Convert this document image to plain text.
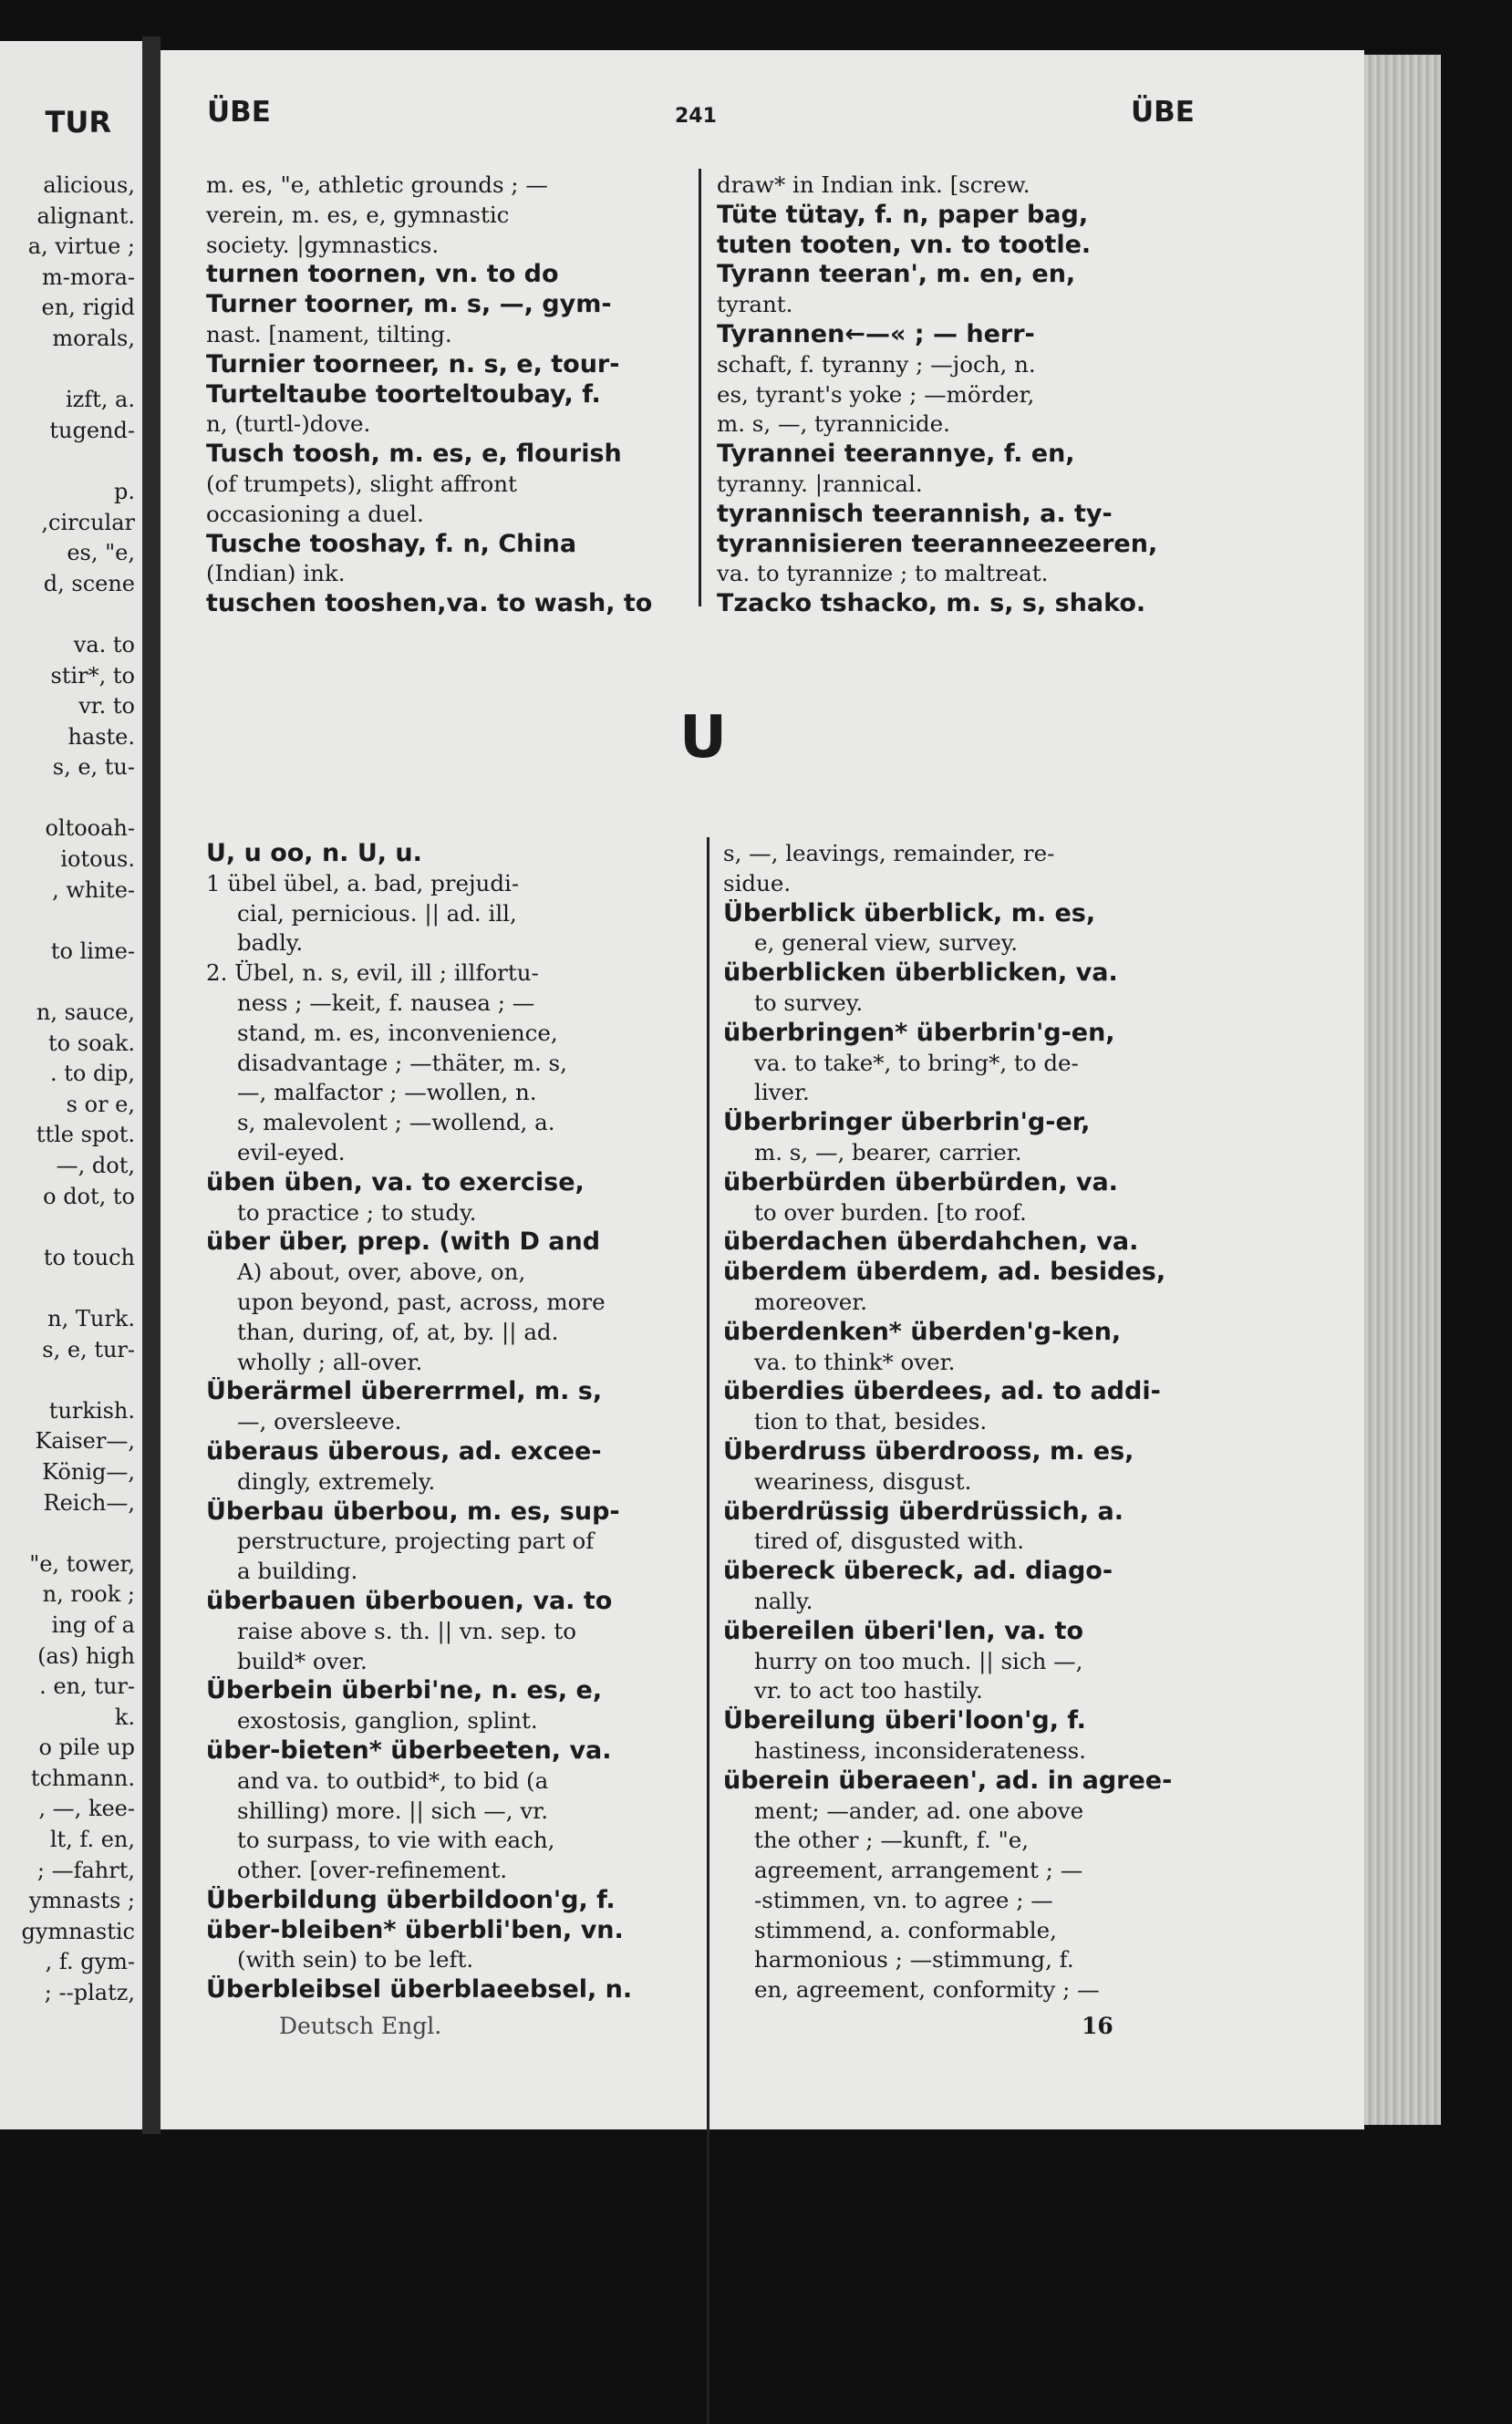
TUR
alicious,
alignant.
a, virtue ;
m-mora-
en, rigid
morals,

izft, a.
tugend-

p.
,circular
es, "e,
d, scene

va. to
stir*, to
vr. to
haste.
s, e, tu-

oltooah-
iotous.
, white-

to lime-

n, sauce,
to soak.
. to dip,
s or e,
ttle spot.
—, dot,
o dot, to

to touch

n, Turk.
s, e, tur-

turkish.
Kaiser—,
König—,
Reich—,

"e, tower,
n, rook ;
ing of a
(as) high
. en, tur-
k.
o pile up
tchmann.
, —, kee-
lt, f. en,
; —fahrt,
ymnasts ;
gymnastic
, f. gym-
; --platz,
ÜBE	241	ÜBE
m. es, "e, athletic grounds ; —
verein, m. es, e, gymnastic
society. |gymnastics.
turnen toornen, vn. to do
Turner toorner, m. s, —, gym-
nast. [nament, tilting.
Turnier toorneer, n. s, e, tour-
Turteltaube toorteltoubay, f.
n, (turtl-)dove.
Tusch toosh, m. es, e, flourish
(of trumpets), slight affront
occasioning a duel.
Tusche tooshay, f. n, China
(Indian) ink.
tuschen tooshen,va. to wash, to
draw* in Indian ink. [screw.
Tüte tütay, f. n, paper bag,
tuten tooten, vn. to tootle.
Tyrann teeran', m. en, en,
tyrant.
Tyrannen←—« ; — herr-
schaft, f. tyranny ; —joch, n.
es, tyrant's yoke ; —mörder,
m. s, —, tyrannicide.
Tyrannei teerannye, f. en,
tyranny. |rannical.
tyrannisch teerannish, a. ty-
tyrannisieren teeranneezeeren,
va. to tyrannize ; to maltreat.
Tzacko tshacko, m. s, s, shako.
U
U, u oo, n. U, u.
1 übel übel, a. bad, prejudi-
cial, pernicious. || ad. ill,
badly.
2. Übel, n. s, evil, ill ; illfortu-
ness ; —keit, f. nausea ; —
stand, m. es, inconvenience,
disadvantage ; —thäter, m. s,
—, malfactor ; —wollen, n.
s, malevolent ; —wollend, a.
evil-eyed.
üben üben, va. to exercise,
to practice ; to study.
über über, prep. (with D and
A) about, over, above, on,
upon beyond, past, across, more
than, during, of, at, by. || ad.
wholly ; all-over.
Überärmel übererrmel, m. s,
—, oversleeve.
überaus überous, ad. excee-
dingly, extremely.
Überbau überbou, m. es, sup-
perstructure, projecting part of
a building.
überbauen überbouen, va. to
raise above s. th. || vn. sep. to
build* over.
Überbein überbi'ne, n. es, e,
exostosis, ganglion, splint.
über-bieten* überbeeten, va.
and va. to outbid*, to bid (a
shilling) more. || sich —, vr.
to surpass, to vie with each,
other. [over-refinement.
Überbildung überbildoon'g, f.
über-bleiben* überbli'ben, vn.
(with sein) to be left.
Überbleibsel überblaeebsel, n.
s, —, leavings, remainder, re-
sidue.
Überblick überblick, m. es,
e, general view, survey.
überblicken überblicken, va.
to survey.
überbringen* überbrin'g-en,
va. to take*, to bring*, to de-
liver.
Überbringer überbrin'g-er,
m. s, —, bearer, carrier.
überbürden überbürden, va.
to over burden. [to roof.
überdachen überdahchen, va.
überdem überdem, ad. besides,
moreover.
überdenken* überden'g-ken,
va. to think* over.
überdies überdees, ad. to addi-
tion to that, besides.
Überdruss überdrooss, m. es,
weariness, disgust.
überdrüssig überdrüssich, a.
tired of, disgusted with.
übereck übereck, ad. diago-
nally.
übereilen überi'len, va. to
hurry on too much. || sich —,
vr. to act too hastily.
Übereilung überi'loon'g, f.
hastiness, inconsiderateness.
überein überaeen', ad. in agree-
ment; —ander, ad. one above
the other ; —kunft, f. "e,
agreement, arrangement ; —
-stimmen, vn. to agree ; —
stimmend, a. conformable,
harmonious ; —stimmung, f.
en, agreement, conformity ; —
Deutsch Engl.	16
